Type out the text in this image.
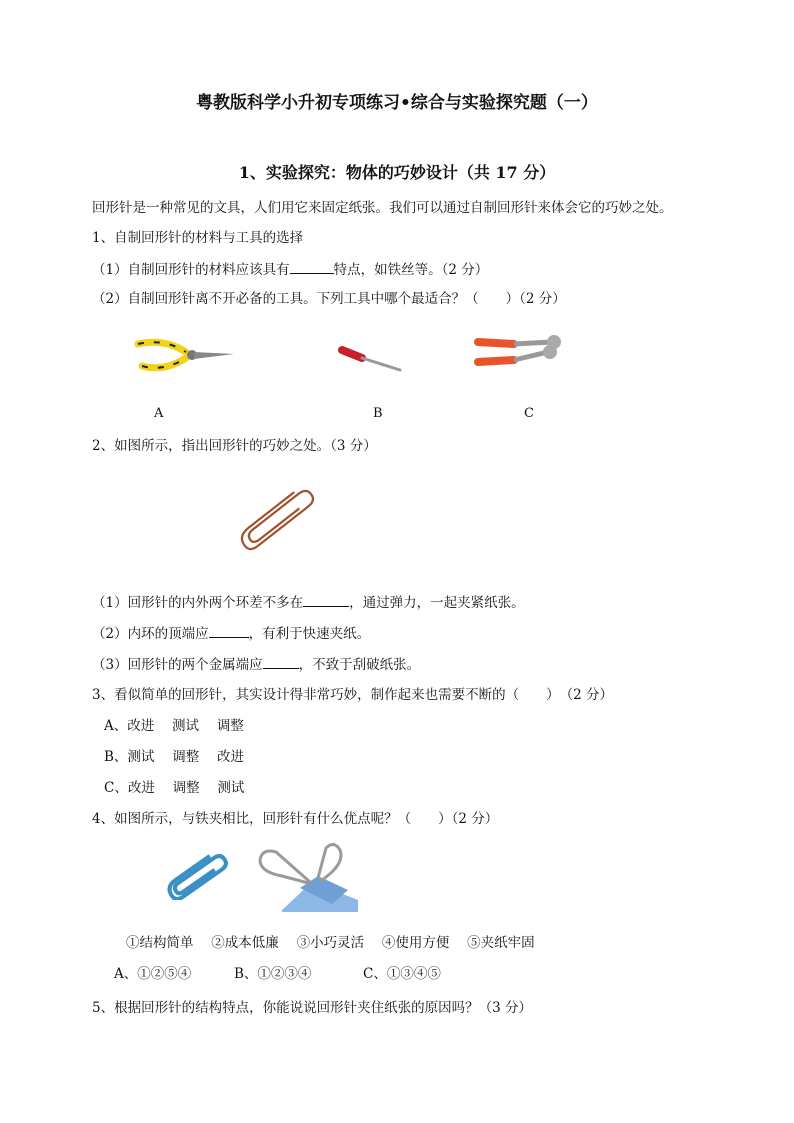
粤教版科学小升初专项练习•综合与实验探究题（一）
1、实验探究：物体的巧妙设计（共 17 分）
回形针是一种常见的文具，人们用它来固定纸张。我们可以通过自制回形针来体会它的巧妙之处。
1、自制回形针的材料与工具的选择
（1）自制回形针的材料应该具有	特点，如铁丝等。（2 分）
（2）自制回形针离不开必备的工具。下列工具中哪个最适合？（　　）（2 分）
A	B	C
2、如图所示，指出回形针的巧妙之处。（3 分）
（1）回形针的内外两个环差不多在	，通过弹力，一起夹紧纸张。
（2）内环的顶端应	，有利于快速夹纸。
（3）回形针的两个金属端应	，不致于刮破纸张。
3、看似简单的回形针，其实设计得非常巧妙，制作起来也需要不断的（　　）　（2 分）
A、改进　 测试　 调整
B、测试　 调整　 改进
C、改进　 调整　 测试
4、如图所示，与铁夹相比，回形针有什么优点呢？（　　）（2 分）
①结构简单　 ②成本低廉　 ③小巧灵活　 ④使用方便　 ⑤夹纸牢固
A、①②⑤④	B、①②③④	C、①③④⑤
5、根据回形针的结构特点，你能说说回形针夹住纸张的原因吗？（3 分）
